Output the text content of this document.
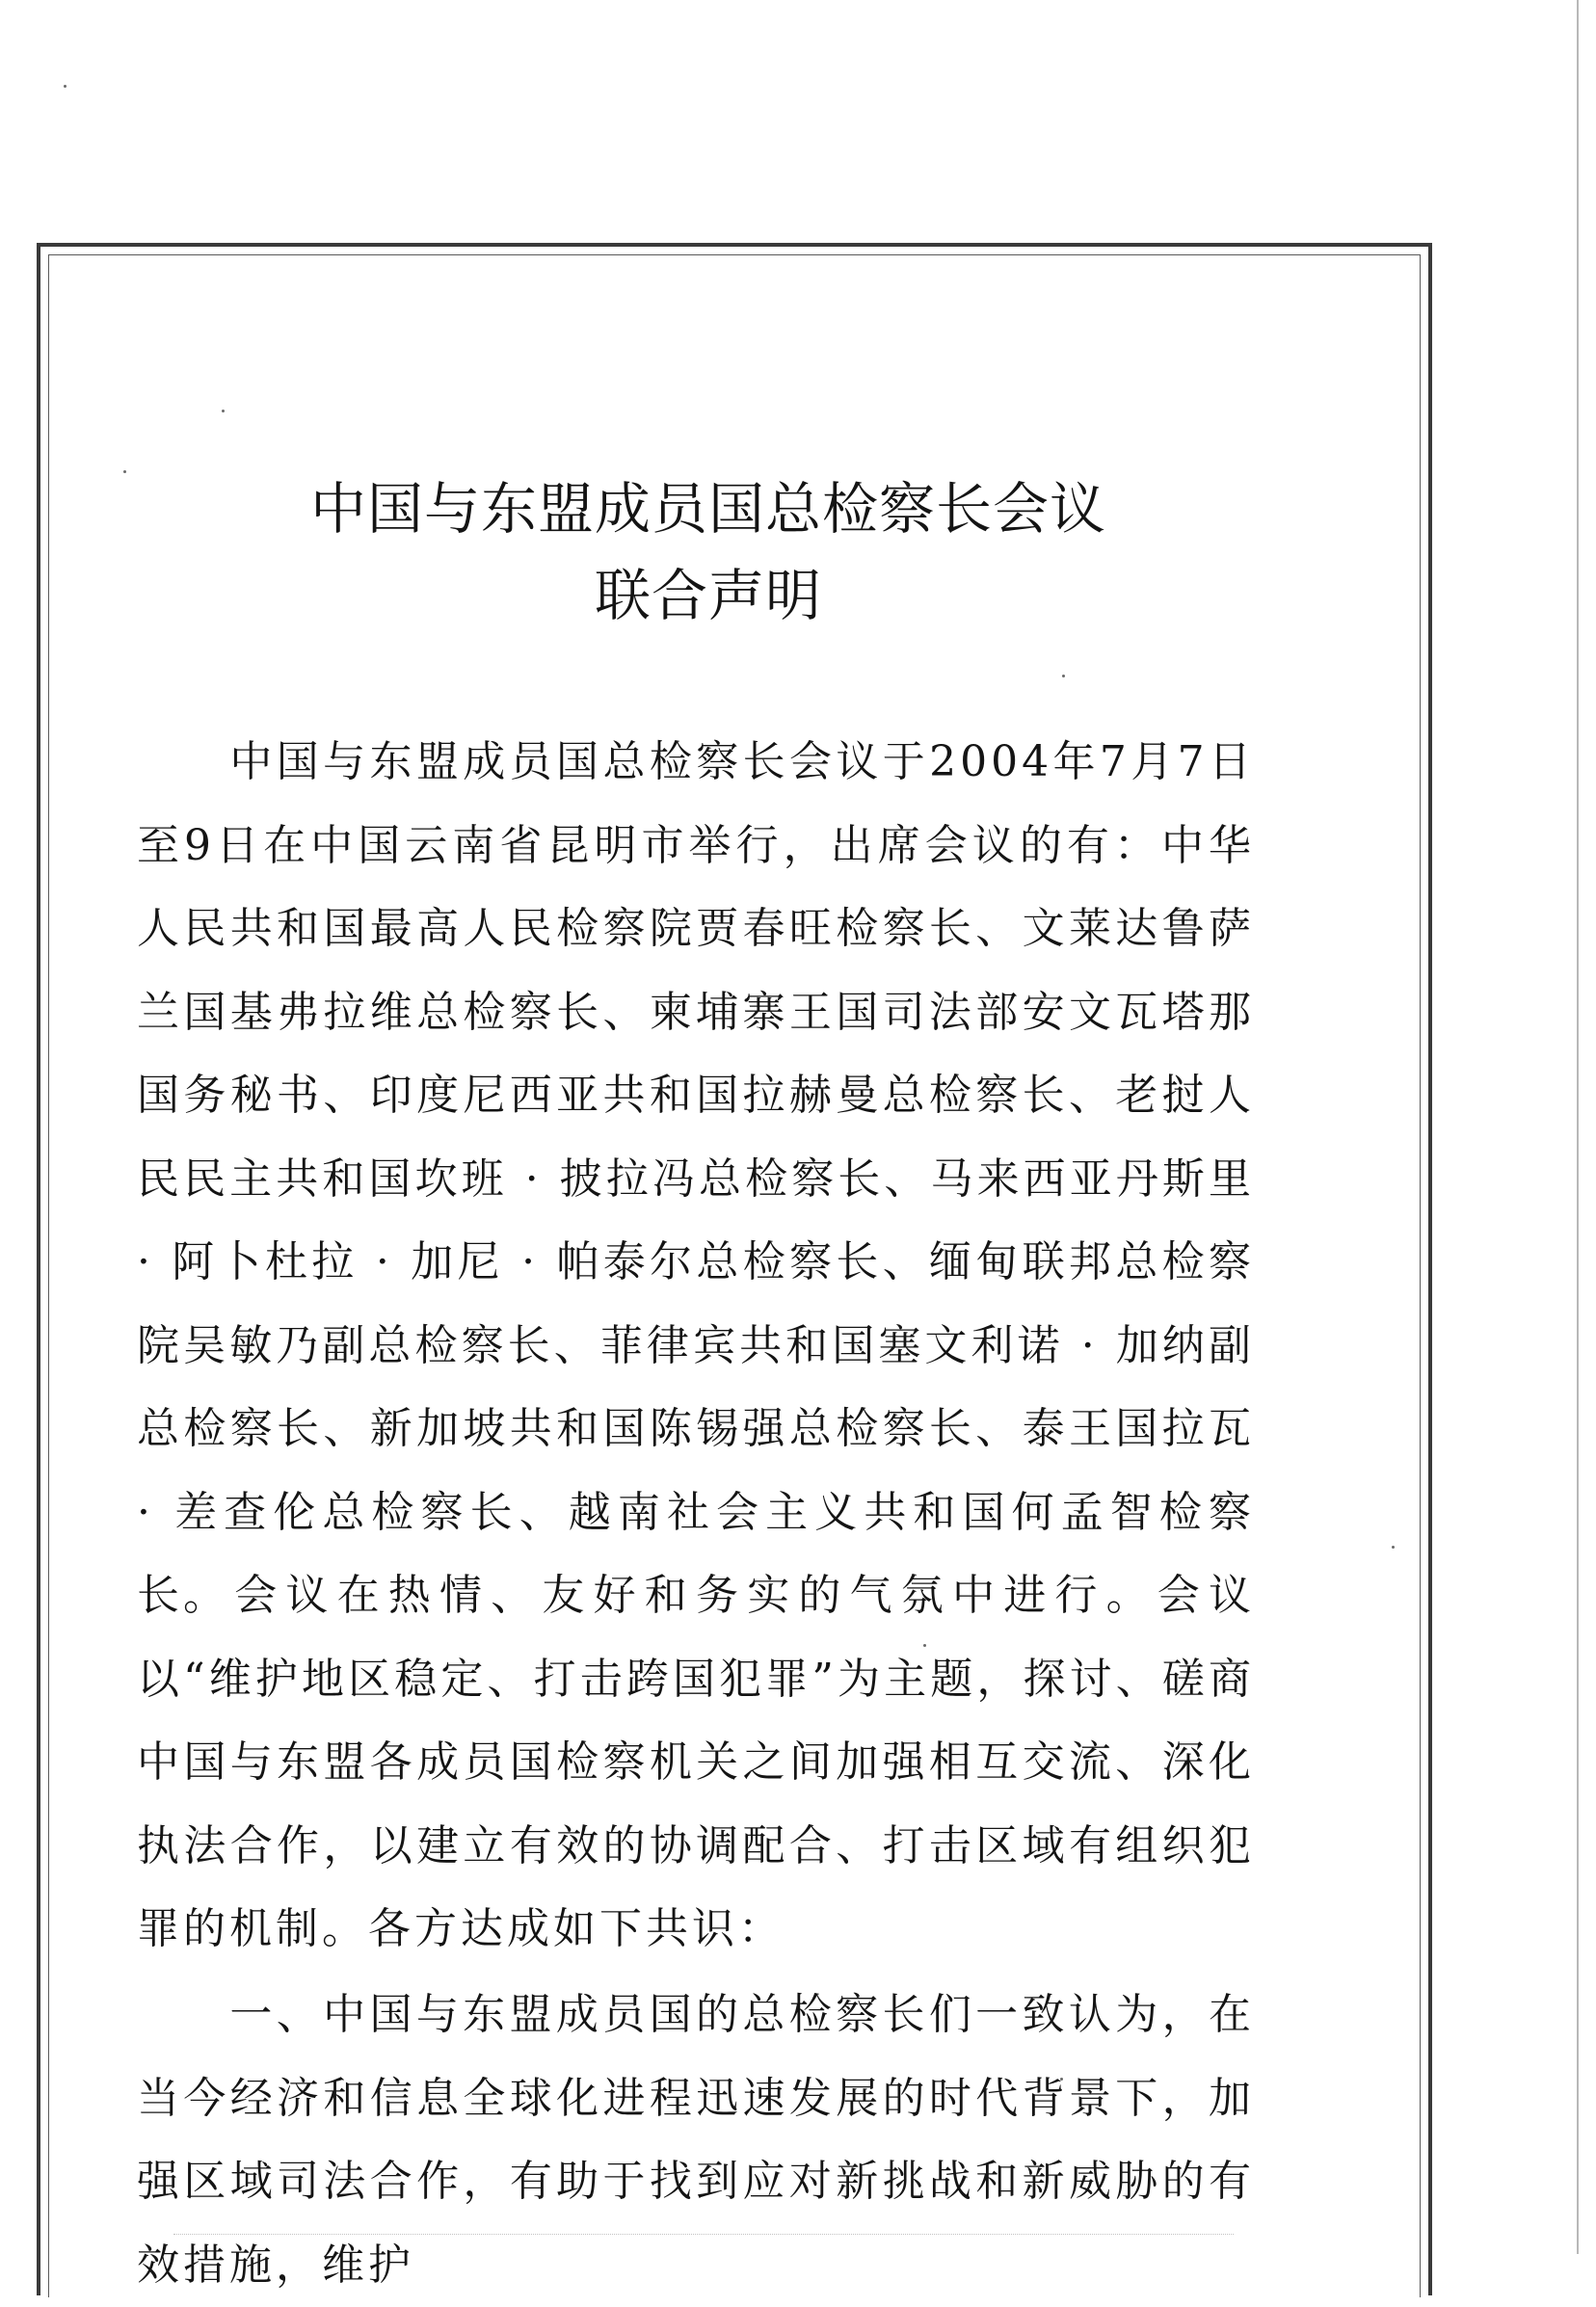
中国与东盟成员国总检察长会议
联合声明

中国与东盟成员国总检察长会议于2004年7月7日至9日在中国云南省昆明市举行，出席会议的有：中华人民共和国最高人民检察院贾春旺检察长、文莱达鲁萨兰国基弗拉维总检察长、柬埔寨王国司法部安文瓦塔那国务秘书、印度尼西亚共和国拉赫曼总检察长、老挝人民民主共和国坎班 · 披拉冯总检察长、马来西亚丹斯里 · 阿卜杜拉 · 加尼 · 帕泰尔总检察长、缅甸联邦总检察院吴敏乃副总检察长、菲律宾共和国塞文利诺 · 加纳副总检察长、新加坡共和国陈锡强总检察长、泰王国拉瓦 · 差查伦总检察长、越南社会主义共和国何孟智检察长。 会议在热情、友好和务实的气氛中进行。会议以“维护地区稳定、打击跨国犯罪”为主题，探讨、磋商中国与东盟各成员国检察机关之间加强相互交流、深化执法合作，以建立有效的协调配合、打击区域有组织犯罪的机制。各方达成如下共识：

一、中国与东盟成员国的总检察长们一致认为，在当今经济和信息全球化进程迅速发展的时代背景下，加强区域司法合作，有助于找到应对新挑战和新威胁的有效措施，维护
